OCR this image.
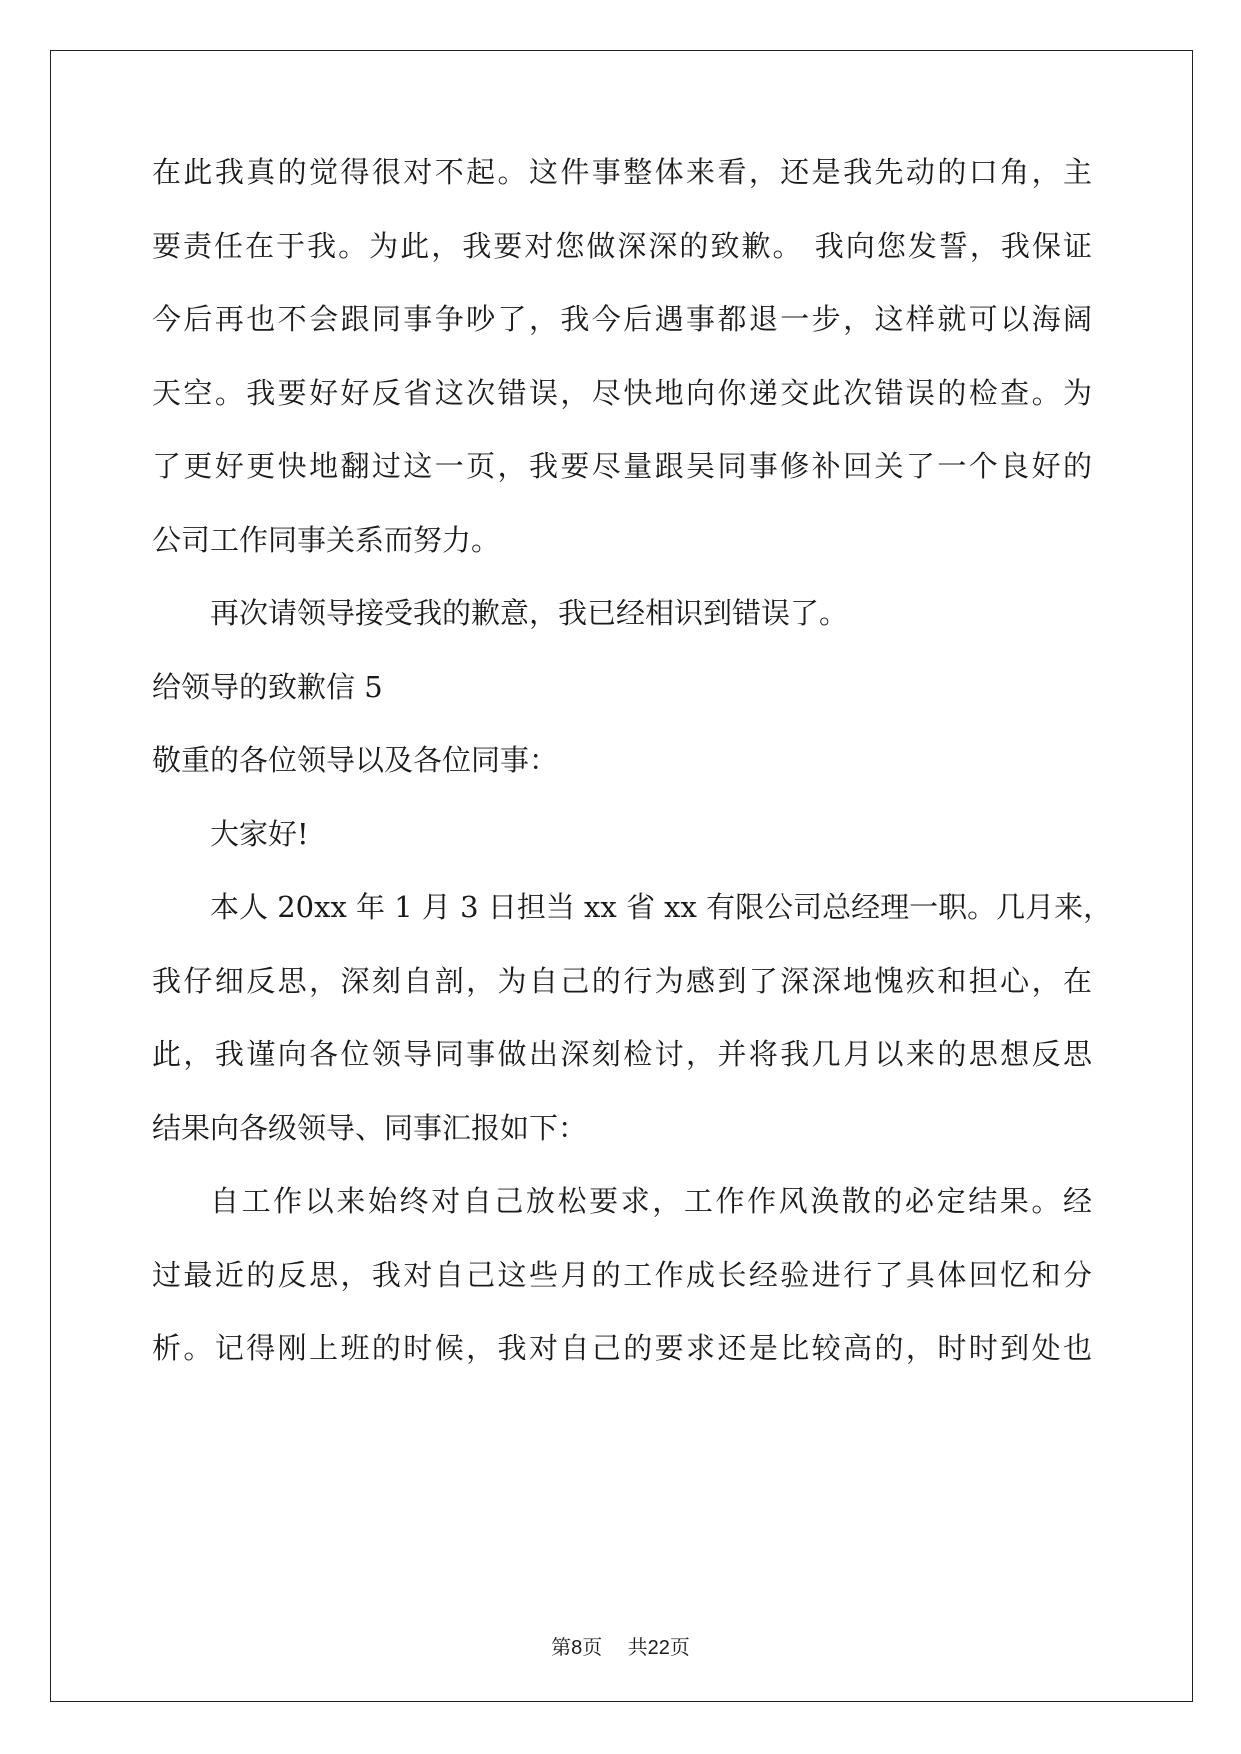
在此我真的觉得很对不起。这件事整体来看，还是我先动的口角，主
要责任在于我。为此，我要对您做深深的致歉。 我向您发誓，我保证
今后再也不会跟同事争吵了，我今后遇事都退一步，这样就可以海阔
天空。我要好好反省这次错误，尽快地向你递交此次错误的检查。为
了更好更快地翻过这一页，我要尽量跟吴同事修补回关了一个良好的
公司工作同事关系而努力。
再次请领导接受我的歉意，我已经相识到错误了。
给领导的致歉信 5
敬重的各位领导以及各位同事：
大家好!
本人 20xx 年 1 月 3 日担当 xx 省 xx 有限公司总经理一职。几月来，
我仔细反思，深刻自剖，为自己的行为感到了深深地愧疚和担心，在
此，我谨向各位领导同事做出深刻检讨，并将我几月以来的思想反思
结果向各级领导、同事汇报如下：
自工作以来始终对自己放松要求，工作作风涣散的必定结果。经
过最近的反思，我对自己这些月的工作成长经验进行了具体回忆和分
析。记得刚上班的时候，我对自己的要求还是比较高的，时时到处也
第8页 共22页
